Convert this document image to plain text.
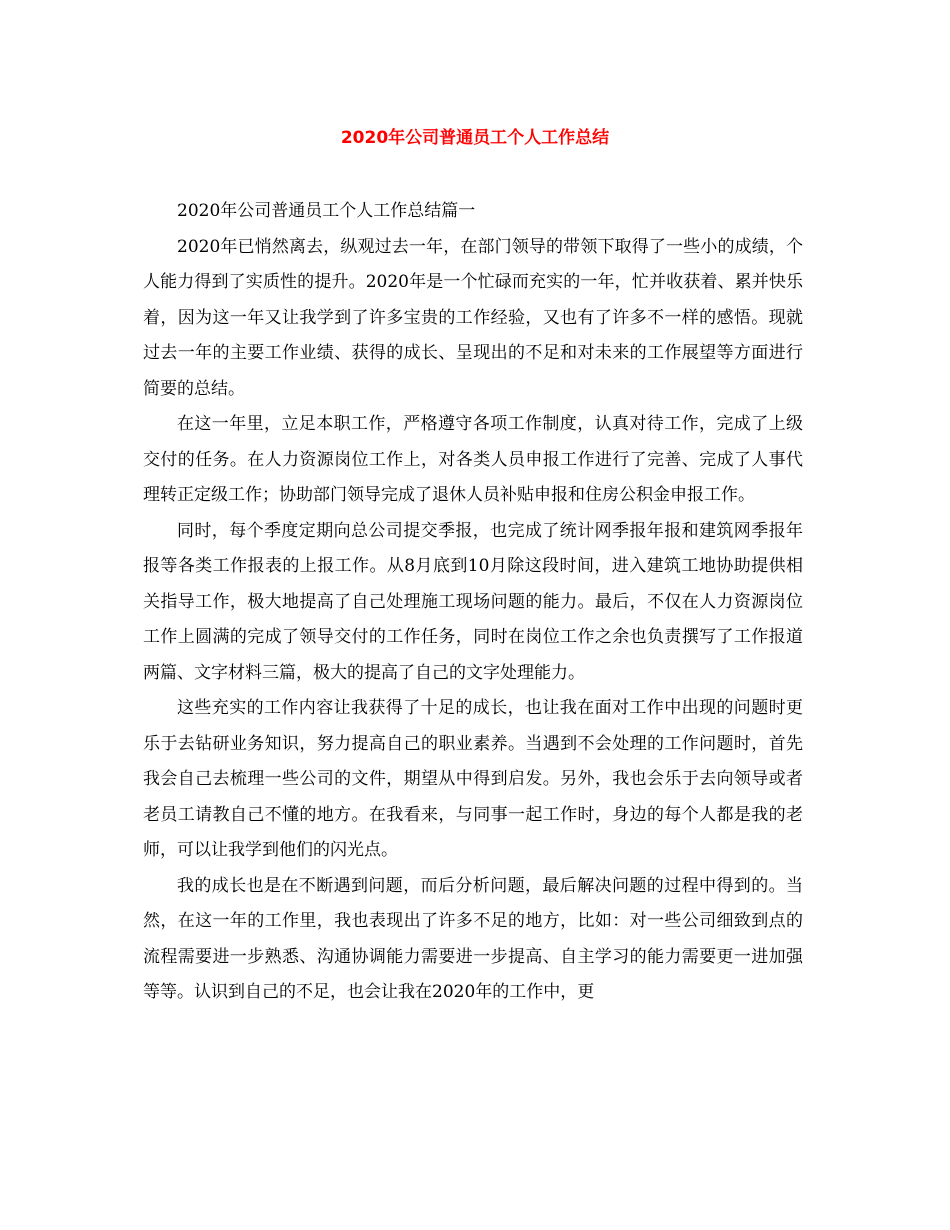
2020年公司普通员工个人工作总结

2020年公司普通员工个人工作总结篇一

2020年已悄然离去，纵观过去一年，在部门领导的带领下取得了一些小的成绩，个人能力得到了实质性的提升。2020年是一个忙碌而充实的一年，忙并收获着、累并快乐着，因为这一年又让我学到了许多宝贵的工作经验，又也有了许多不一样的感悟。现就过去一年的主要工作业绩、获得的成长、呈现出的不足和对未来的工作展望等方面进行简要的总结。

在这一年里，立足本职工作，严格遵守各项工作制度，认真对待工作，完成了上级交付的任务。在人力资源岗位工作上，对各类人员申报工作进行了完善、完成了人事代理转正定级工作；协助部门领导完成了退休人员补贴申报和住房公积金申报工作。

同时，每个季度定期向总公司提交季报，也完成了统计网季报年报和建筑网季报年报等各类工作报表的上报工作。从8月底到10月除这段时间，进入建筑工地协助提供相关指导工作，极大地提高了自己处理施工现场问题的能力。最后，不仅在人力资源岗位工作上圆满的完成了领导交付的工作任务，同时在岗位工作之余也负责撰写了工作报道两篇、文字材料三篇，极大的提高了自己的文字处理能力。

这些充实的工作内容让我获得了十足的成长，也让我在面对工作中出现的问题时更乐于去钻研业务知识，努力提高自己的职业素养。当遇到不会处理的工作问题时，首先我会自己去梳理一些公司的文件，期望从中得到启发。另外，我也会乐于去向领导或者老员工请教自己不懂的地方。在我看来，与同事一起工作时，身边的每个人都是我的老师，可以让我学到他们的闪光点。

我的成长也是在不断遇到问题，而后分析问题，最后解决问题的过程中得到的。当然，在这一年的工作里，我也表现出了许多不足的地方，比如：对一些公司细致到点的流程需要进一步熟悉、沟通协调能力需要进一步提高、自主学习的能力需要更一进加强等等。认识到自己的不足，也会让我在2020年的工作中，更
